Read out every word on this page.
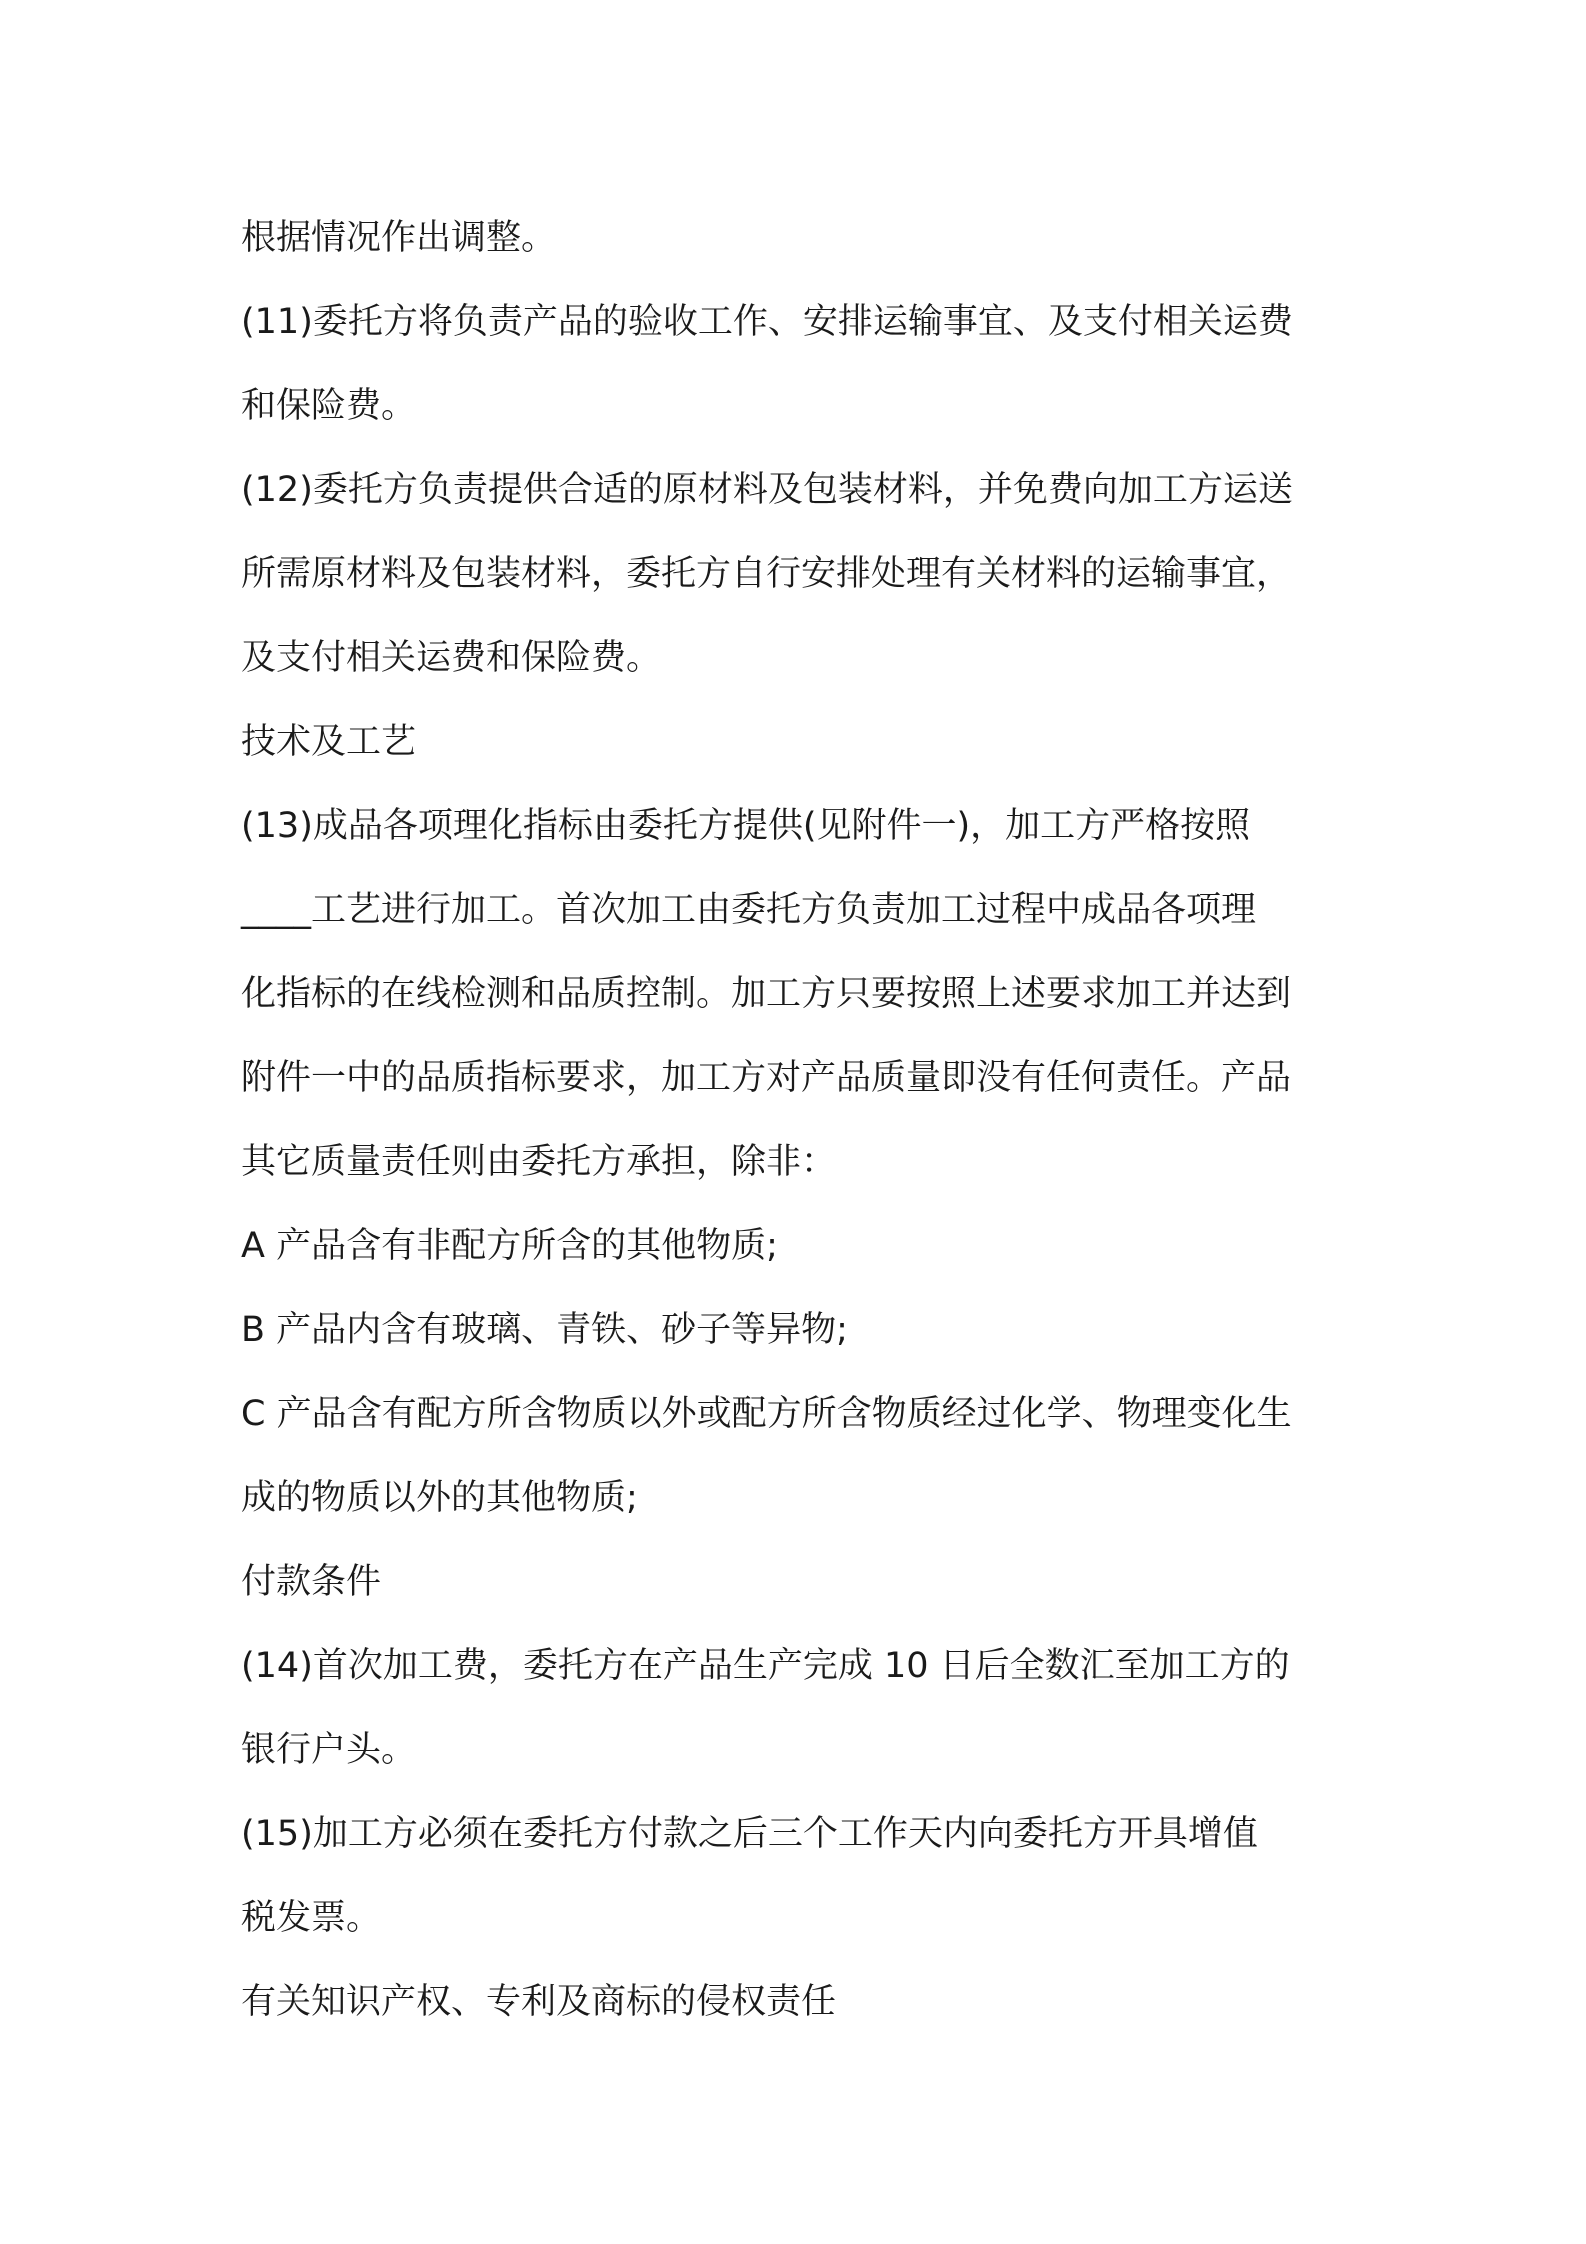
根据情况作出调整。
(11)委托方将负责产品的验收工作、安排运输事宜、及支付相关运费
和保险费。
(12)委托方负责提供合适的原材料及包装材料，并免费向加工方运送
所需原材料及包装材料，委托方自行安排处理有关材料的运输事宜，
及支付相关运费和保险费。
技术及工艺
(13)成品各项理化指标由委托方提供(见附件一)，加工方严格按照
____工艺进行加工。首次加工由委托方负责加工过程中成品各项理
化指标的在线检测和品质控制。加工方只要按照上述要求加工并达到
附件一中的品质指标要求，加工方对产品质量即没有任何责任。产品
其它质量责任则由委托方承担，除非：
A 产品含有非配方所含的其他物质;
B 产品内含有玻璃、青铁、砂子等异物;
C 产品含有配方所含物质以外或配方所含物质经过化学、物理变化生
成的物质以外的其他物质;
付款条件
(14)首次加工费，委托方在产品生产完成 10 日后全数汇至加工方的
银行户头。
(15)加工方必须在委托方付款之后三个工作天内向委托方开具增值
税发票。
有关知识产权、专利及商标的侵权责任
